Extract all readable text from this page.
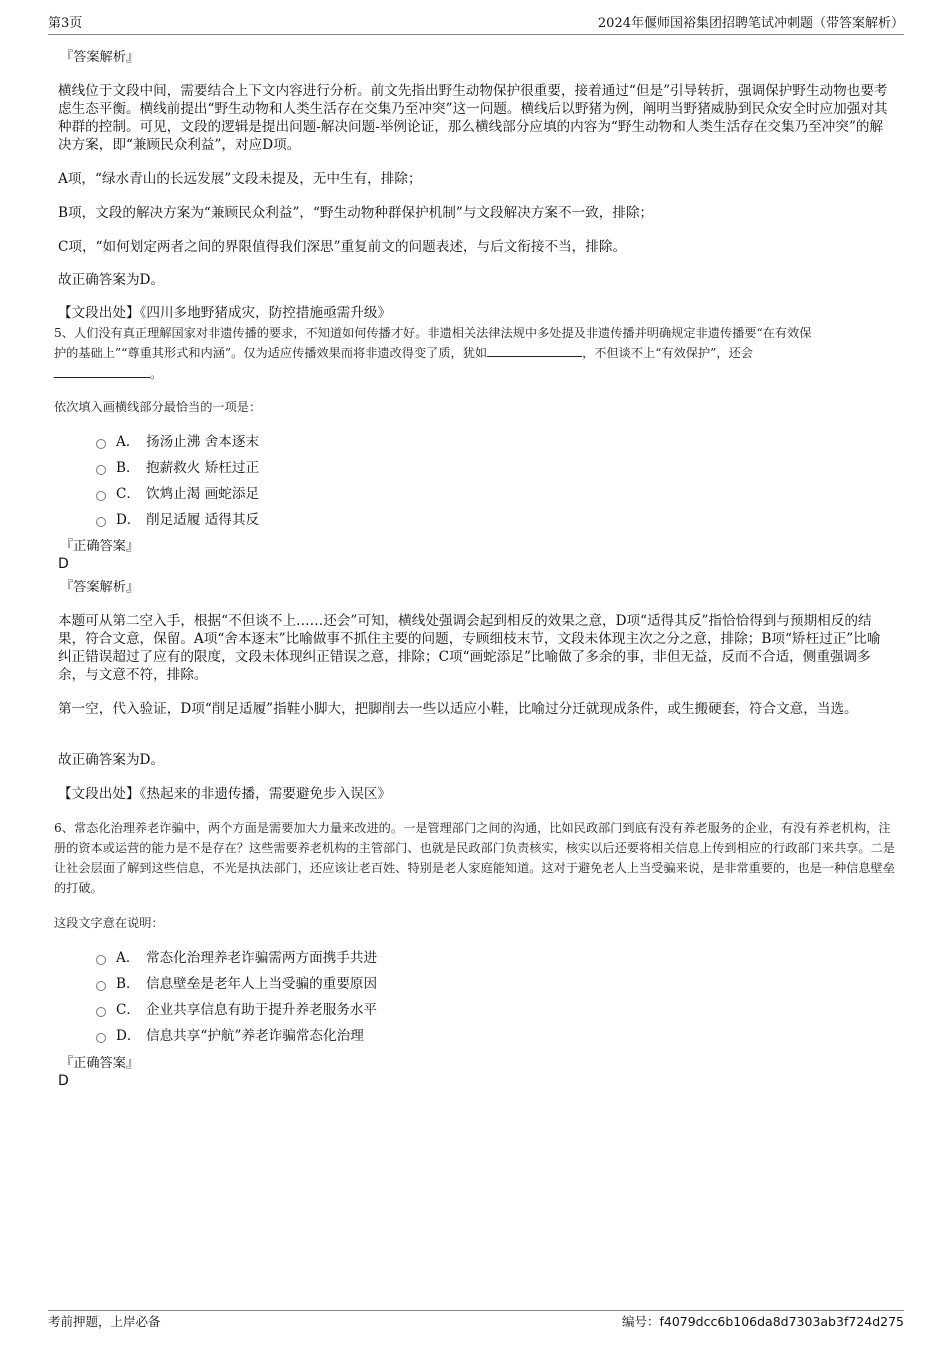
第3页	2024年偃师国裕集团招聘笔试冲刺题（带答案解析）
『答案解析』
横线位于文段中间，需要结合上下文内容进行分析。前文先指出野生动物保护很重要，接着通过“但是”引导转折，强调保护野生动物也要考虑生态平衡。横线前提出“野生动物和人类生活存在交集乃至冲突”这一问题。横线后以野猪为例，阐明当野猪威胁到民众安全时应加强对其种群的控制。可见，文段的逻辑是提出问题-解决问题-举例论证，那么横线部分应填的内容为“野生动物和人类生活存在交集乃至冲突”的解决方案，即“兼顾民众利益”，对应D项。
A项，“绿水青山的长远发展”文段未提及，无中生有，排除；
B项，文段的解决方案为“兼顾民众利益”，“野生动物种群保护机制”与文段解决方案不一致，排除；
C项，“如何划定两者之间的界限值得我们深思”重复前文的问题表述，与后文衔接不当，排除。
故正确答案为D。
【文段出处】《四川多地野猪成灾，防控措施亟需升级》
5、人们没有真正理解国家对非遗传播的要求，不知道如何传播才好。非遗相关法律法规中多处提及非遗传播并明确规定非遗传播要“在有效保
护的基础上”“尊重其形式和内涵”。仅为适应传播效果而将非遗改得变了质，犹如	，不但谈不上“有效保护”，还会
。
依次填入画横线部分最恰当的一项是：
A． 扬汤止沸 舍本逐末
B． 抱薪救火 矫枉过正
C． 饮鸩止渴 画蛇添足
D． 削足适履 适得其反
『正确答案』
D
『答案解析』
本题可从第二空入手，根据“不但谈不上……还会”可知，横线处强调会起到相反的效果之意，D项“适得其反”指恰恰得到与预期相反的结果，符合文意，保留。A项“舍本逐末”比喻做事不抓住主要的问题，专顾细枝末节，文段未体现主次之分之意，排除；B项“矫枉过正”比喻纠正错误超过了应有的限度，文段未体现纠正错误之意，排除；C项“画蛇添足”比喻做了多余的事，非但无益，反而不合适，侧重强调多余，与文意不符，排除。
第一空，代入验证，D项“削足适履”指鞋小脚大，把脚削去一些以适应小鞋，比喻过分迁就现成条件，或生搬硬套，符合文意，当选。
故正确答案为D。
【文段出处】《热起来的非遗传播，需要避免步入误区》
6、常态化治理养老诈骗中，两个方面是需要加大力量来改进的。一是管理部门之间的沟通，比如民政部门到底有没有养老服务的企业，有没有养老机构，注册的资本或运营的能力是不是存在？这些需要养老机构的主管部门、也就是民政部门负责核实，核实以后还要将相关信息上传到相应的行政部门来共享。二是让社会层面了解到这些信息，不光是执法部门，还应该让老百姓、特别是老人家庭能知道。这对于避免老人上当受骗来说，是非常重要的，也是一种信息壁垒的打破。
这段文字意在说明：
A． 常态化治理养老诈骗需两方面携手共进
B． 信息壁垒是老年人上当受骗的重要原因
C． 企业共享信息有助于提升养老服务水平
D． 信息共享“护航”养老诈骗常态化治理
『正确答案』
D
考前押题，上岸必备	编号：f4079dcc6b106da8d7303ab3f724d275
